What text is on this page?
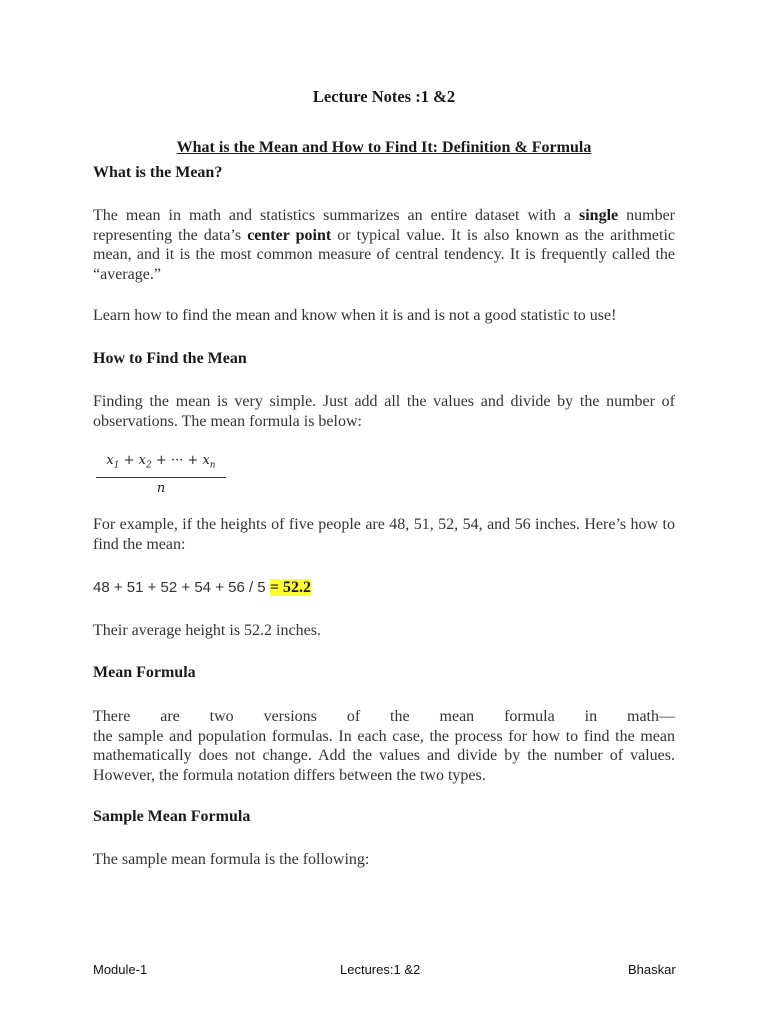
Lecture Notes :1 &2
What is the Mean and How to Find It: Definition & Formula
What is the Mean?
The mean in math and statistics summarizes an entire dataset with a single number representing the data’s center point or typical value. It is also known as the arithmetic mean, and it is the most common measure of central tendency. It is frequently called the “average.”
Learn how to find the mean and know when it is and is not a good statistic to use!
How to Find the Mean
Finding the mean is very simple. Just add all the values and divide by the number of observations. The mean formula is below:
$x_1 + x_2$ + ··· + $x_n$
n
For example, if the heights of five people are 48, 51, 52, 54, and 56 inches. Here’s how to find the mean:
48 + 51 + 52 + 54 + 56 / 5 = 52.2
Their average height is 52.2 inches.
Mean Formula
There are two versions of the mean formula in math—
the sample and population formulas. In each case, the process for how to find the mean mathematically does not change. Add the values and divide by the number of values. However, the formula notation differs between the two types.
Sample Mean Formula
The sample mean formula is the following:
Module-1	Lectures:1 &2	Bhaskar
